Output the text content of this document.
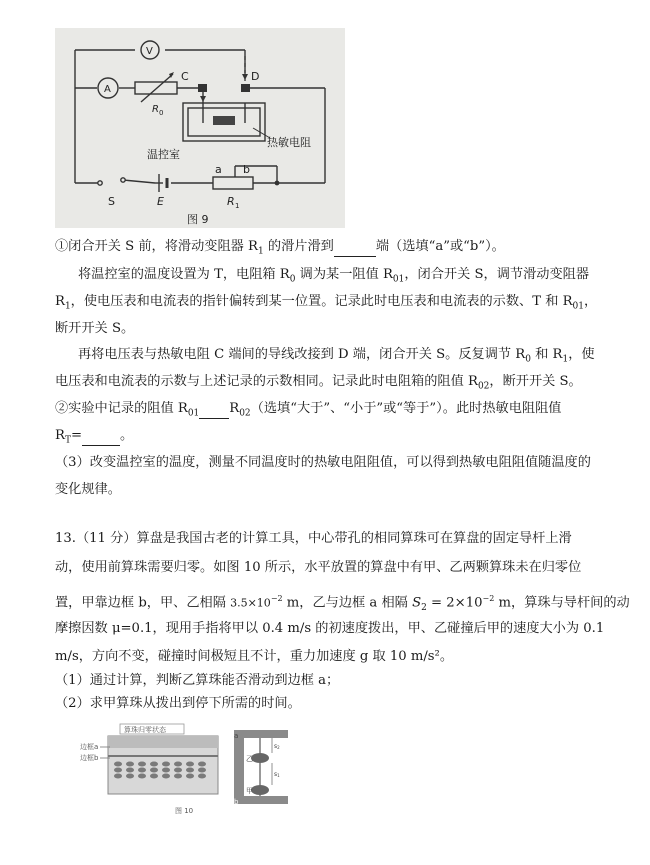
V
A
R 0
C	D
温控室
热敏电阻
a b
S	E	R 1
图 9
①闭合开关 S 前，将滑动变阻器 $R_1$ 的滑片滑到	端（选填“a”或“b”）。
将温控室的温度设置为 T，电阻箱 $R_0$ 调为某一阻值 $R_{01}$，闭合开关 S，调节滑动变阻器
$R_1$，使电压表和电流表的指针偏转到某一位置。记录此时电压表和电流表的示数、T 和 $R_{01}$，
断开开关 S。
再将电压表与热敏电阻 C 端间的导线改接到 D 端，闭合开关 S。反复调节 $R_0$ 和 $R_1$，使
电压表和电流表的示数与上述记录的示数相同。记录此时电阻箱的阻值 $R_{02}$，断开开关 S。
②实验中记录的阻值 $R_{01}$ $R_{02}$（选填“大于”、“小于”或“等于”）。此时热敏电阻阻值
$R_T=$	。
（3）改变温控室的温度，测量不同温度时的热敏电阻阻值，可以得到热敏电阻阻值随温度的
变化规律。
13.（11 分）算盘是我国古老的计算工具，中心带孔的相同算珠可在算盘的固定导杆上滑
动，使用前算珠需要归零。如图 10 所示，水平放置的算盘中有甲、乙两颗算珠未在归零位
置，甲靠边框 b，甲、乙相隔 $3.5\times 10^{-2}$ m，乙与边框 a 相隔 $S_2 = 2\times 10^{-2}$ m，算珠与导杆间的动
摩擦因数 μ=0.1，现用手指将甲以 0.4 m/s 的初速度拨出，甲、乙碰撞后甲的速度大小为 0.1
m/s，方向不变，碰撞时间极短且不计，重力加速度 g 取 10 m/s²。
（1）通过计算，判断乙算珠能否滑动到边框 a；
（2）求甲算珠从拨出到停下所需的时间。
算珠归零状态
边框a
边框b
图 10
a
b
乙
甲
s2
s1
